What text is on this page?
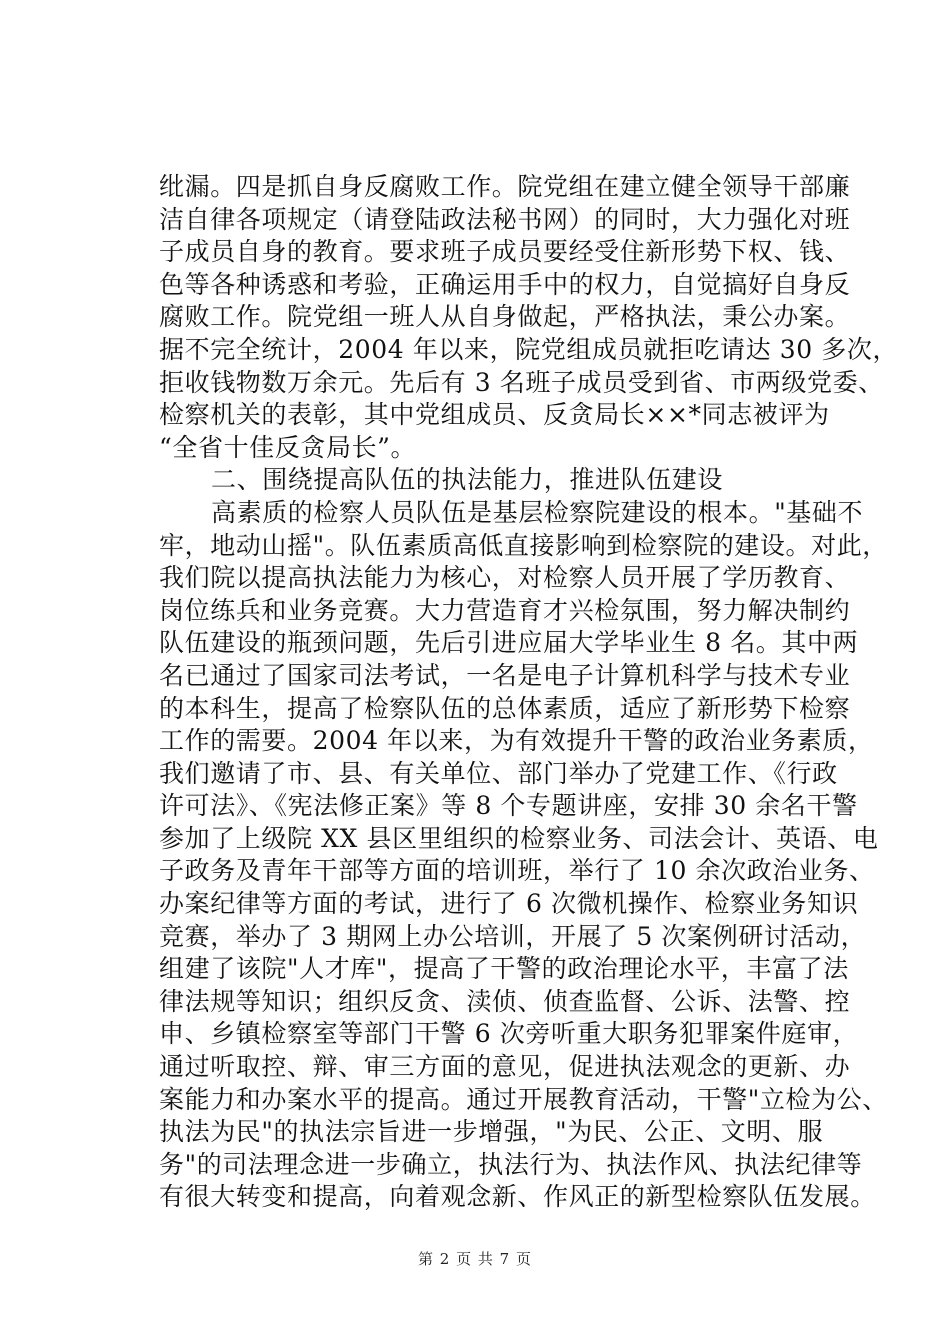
纰漏。四是抓自身反腐败工作。院党组在建立健全领导干部廉
洁自律各项规定（请登陆政法秘书网）的同时，大力强化对班
子成员自身的教育。要求班子成员要经受住新形势下权、钱、
色等各种诱惑和考验，正确运用手中的权力，自觉搞好自身反
腐败工作。院党组一班人从自身做起，严格执法，秉公办案。
据不完全统计，2004 年以来，院党组成员就拒吃请达 30 多次，
拒收钱物数万余元。先后有 3 名班子成员受到省、市两级党委、
检察机关的表彰，其中党组成员、反贪局长××*同志被评为
“全省十佳反贪局长”。
二、围绕提高队伍的执法能力，推进队伍建设
高素质的检察人员队伍是基层检察院建设的根本。"基础不
牢，地动山摇"。队伍素质高低直接影响到检察院的建设。对此，
我们院以提高执法能力为核心，对检察人员开展了学历教育、
岗位练兵和业务竞赛。大力营造育才兴检氛围，努力解决制约
队伍建设的瓶颈问题，先后引进应届大学毕业生 8 名。其中两
名已通过了国家司法考试，一名是电子计算机科学与技术专业
的本科生，提高了检察队伍的总体素质，适应了新形势下检察
工作的需要。2004 年以来，为有效提升干警的政治业务素质，
我们邀请了市、县、有关单位、部门举办了党建工作、《行政
许可法》、《宪法修正案》等 8 个专题讲座，安排 30 余名干警
参加了上级院 XX 县区里组织的检察业务、司法会计、英语、电
子政务及青年干部等方面的培训班，举行了 10 余次政治业务、
办案纪律等方面的考试，进行了 6 次微机操作、检察业务知识
竞赛，举办了 3 期网上办公培训，开展了 5 次案例研讨活动，
组建了该院"人才库"，提高了干警的政治理论水平，丰富了法
律法规等知识；组织反贪、渎侦、侦查监督、公诉、法警、控
申、乡镇检察室等部门干警 6 次旁听重大职务犯罪案件庭审，
通过听取控、辩、审三方面的意见，促进执法观念的更新、办
案能力和办案水平的提高。通过开展教育活动，干警"立检为公、
执法为民"的执法宗旨进一步增强，"为民、公正、文明、服
务"的司法理念进一步确立，执法行为、执法作风、执法纪律等
有很大转变和提高，向着观念新、作风正的新型检察队伍发展。
第 2 页 共 7 页
